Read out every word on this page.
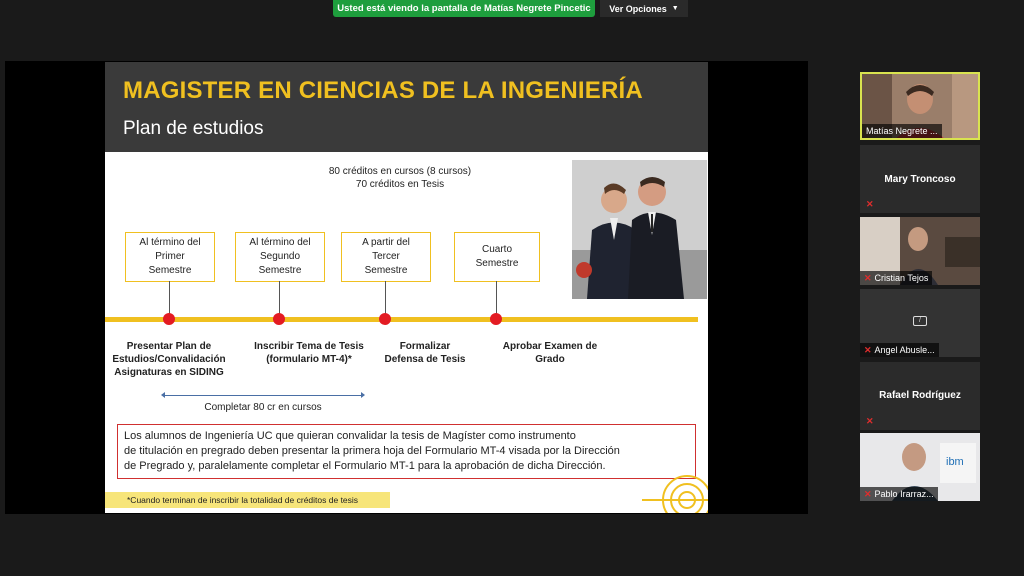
Usted está viendo la pantalla de Matías Negrete Pincetic Ver Opciones ▼
MAGISTER EN CIENCIAS DE LA INGENIERÍA
Plan de estudios
80 créditos en cursos (8 cursos)
70 créditos en Tesis
Al término del
Primer
Semestre
Al término del
Segundo
Semestre
A partir del
Tercer
Semestre
Cuarto
Semestre
Presentar Plan de
Estudios/Convalidación
Asignaturas en SIDING
Inscribir Tema de Tesis
(formulario MT-4)*
Formalizar
Defensa de Tesis
Aprobar Examen de
Grado
Completar 80 cr en cursos
Los alumnos de Ingeniería UC que quieran convalidar la tesis de Magíster como instrumento
de titulación en pregrado deben presentar la primera hoja del Formulario MT-4 visada por la Dirección
de Pregrado y, paralelamente completar el Formulario MT-1 para la aprobación de dicha Dirección.
*Cuando terminan de inscribir la totalidad de créditos de tesis
Matías Negrete ...
Mary Troncoso
✕
✕ Cristian Tejos
/
✕ Angel Abusle...
Rafael Rodríguez
✕
ibm
✕ Pablo Irarraz...
